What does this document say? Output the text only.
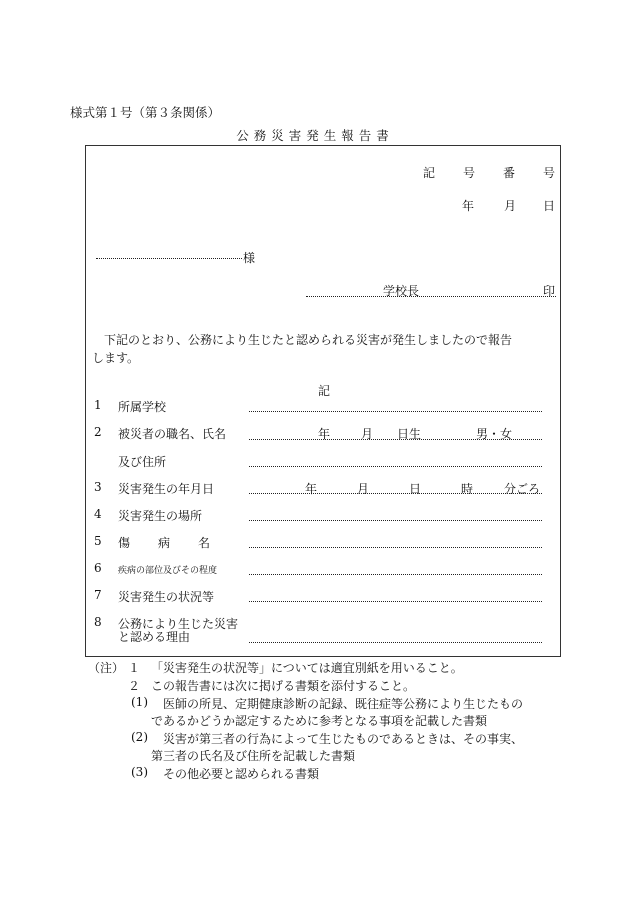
様式第１号（第３条関係）
公務災害発生報告書
記 号 番 号
年 月 日
様
学校長	印
下記のとおり、公務により生じたと認められる災害が発生しましたので報告
します。
記
1 所属学校
2 被災者の職名、氏名	年	月 日生	男・女
及び住所
3 災害発生の年月日	年	月	日	時	分ごろ
4 災害発生の場所
5 傷 病 名
6 疾病の部位及びその程度
7 災害発生の状況等
8 公務により生じた災害
と認める理由
（注） １ 「災害発生の状況等」については適宜別紙を用いること。
２ この報告書には次に掲げる書類を添付すること。
(1) 医師の所見、定期健康診断の記録、既往症等公務により生じたもの
であるかどうか認定するために参考となる事項を記載した書類
(2) 災害が第三者の行為によって生じたものであるときは、その事実、
第三者の氏名及び住所を記載した書類
(3) その他必要と認められる書類
